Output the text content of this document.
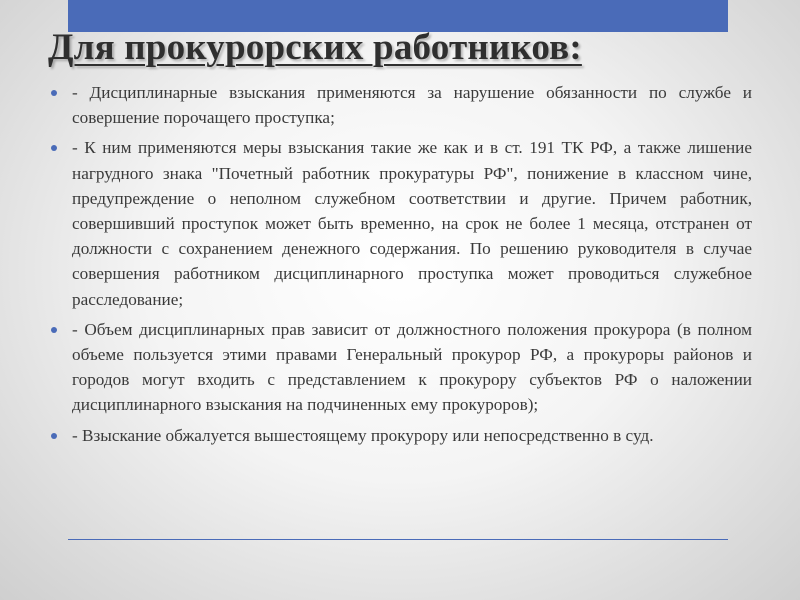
Для прокурорских работников:
- Дисциплинарные взыскания применяются за нарушение обязанности по службе и совершение порочащего проступка;
- К ним применяются меры взыскания такие же как и в ст. 191 ТК РФ, а также лишение нагрудного знака "Почетный работник прокуратуры РФ", понижение в классном чине, предупреждение о неполном служебном соответствии и другие. Причем работник, совершивший проступок может быть временно, на срок не более 1 месяца, отстранен от должности с сохранением денежного содержания. По решению руководителя в случае совершения работником дисциплинарного проступка может проводиться служебное расследование;
- Объем дисциплинарных прав зависит от должностного положения прокурора (в полном объеме пользуется этими правами Генеральный прокурор РФ, а прокуроры районов и городов могут входить с представлением к прокурору субъектов РФ о наложении дисциплинарного взыскания на подчиненных ему прокуроров);
- Взыскание обжалуется вышестоящему прокурору или непосредственно в суд.
